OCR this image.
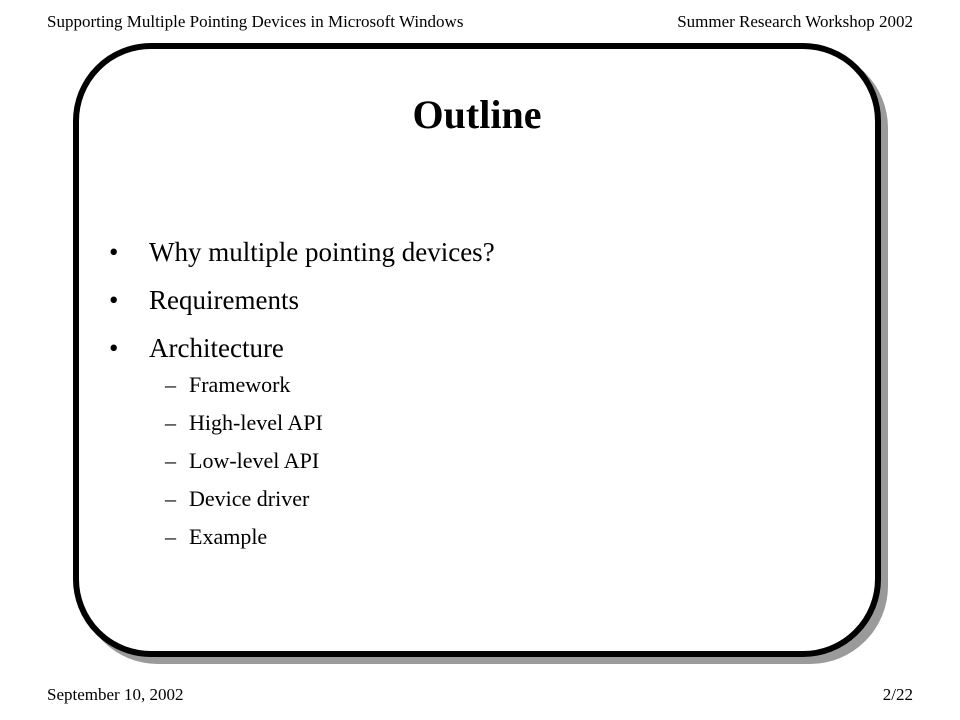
Supporting Multiple Pointing Devices in Microsoft Windows	Summer Research Workshop 2002
Outline
• Why multiple pointing devices?
• Requirements
• Architecture
– Framework
– High-level API
– Low-level API
– Device driver
– Example
September 10, 2002	2/22
